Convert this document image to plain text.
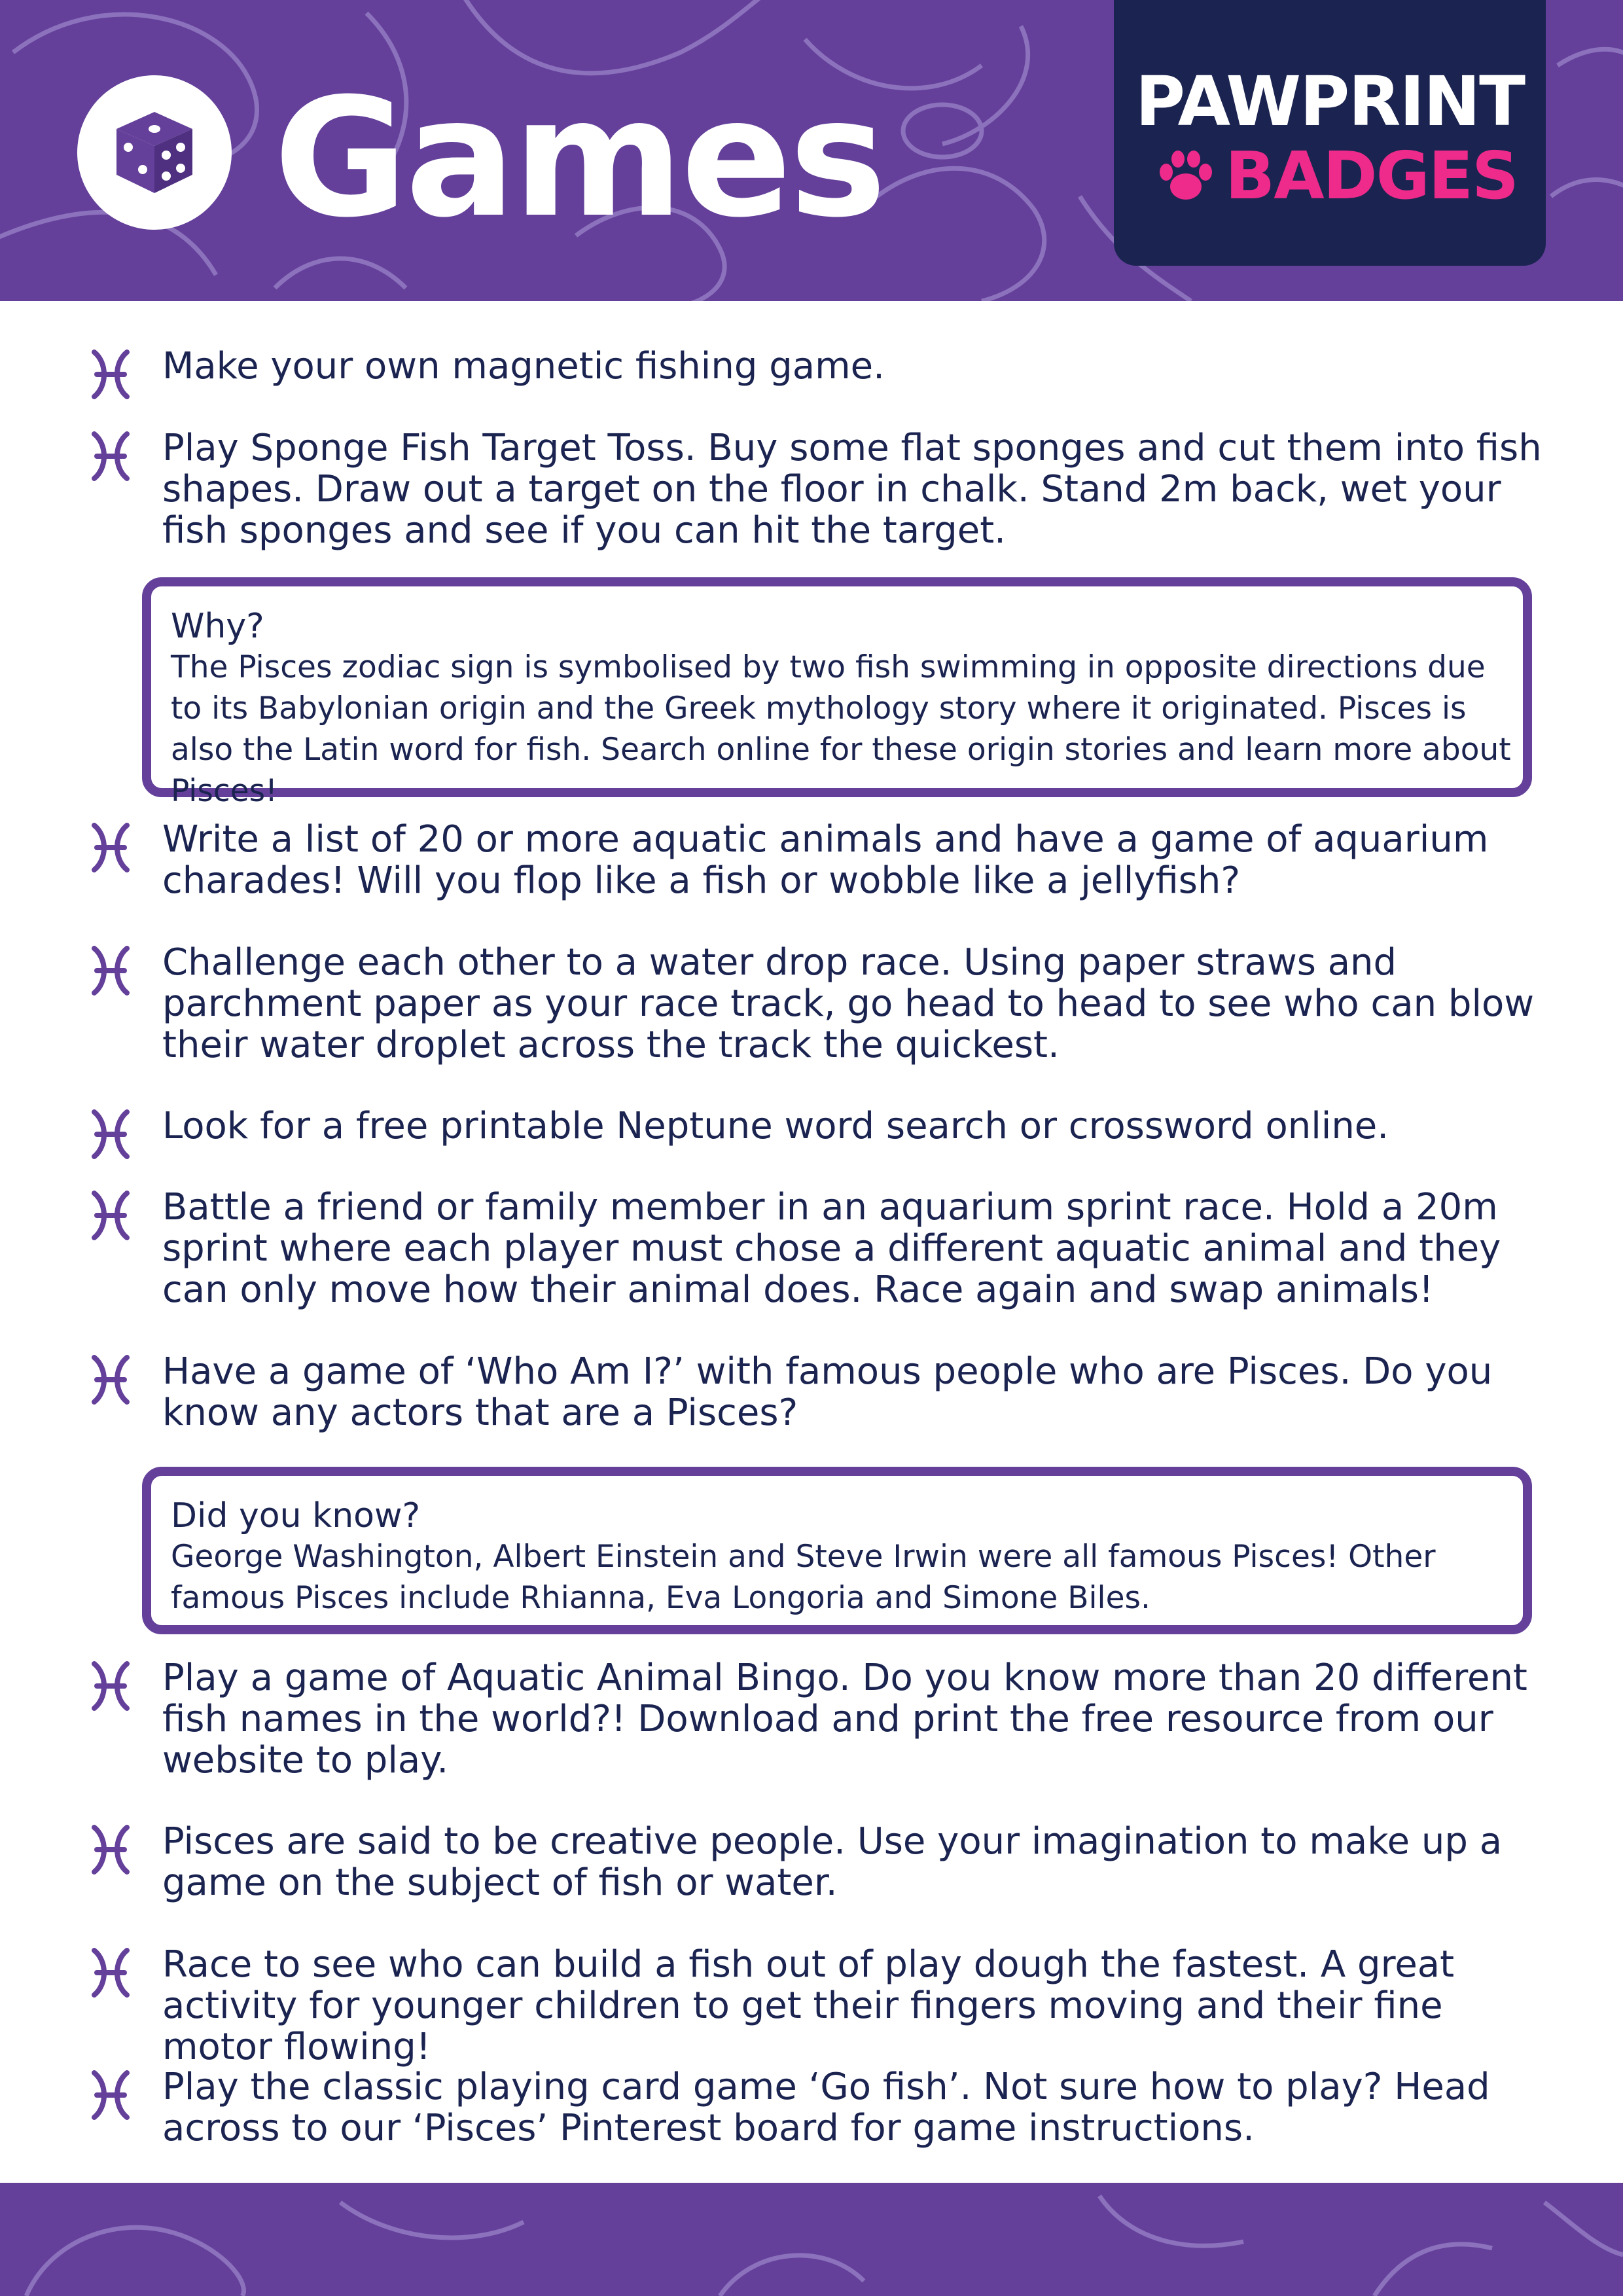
Games	PAWPRINT
BADGES

Make your own magnetic fishing game.

Play Sponge Fish Target Toss. Buy some flat sponges and cut them into fish shapes. Draw out a target on the floor in chalk. Stand 2m back, wet your fish sponges and see if you can hit the target.

Why?
The Pisces zodiac sign is symbolised by two fish swimming in opposite directions due to its Babylonian origin and the Greek mythology story where it originated. Pisces is also the Latin word for fish. Search online for these origin stories and learn more about Pisces!

Write a list of 20 or more aquatic animals and have a game of aquarium charades! Will you flop like a fish or wobble like a jellyfish?

Challenge each other to a water drop race. Using paper straws and parchment paper as your race track, go head to head to see who can blow their water droplet across the track the quickest.

Look for a free printable Neptune word search or crossword online.

Battle a friend or family member in an aquarium sprint race. Hold a 20m sprint where each player must chose a different aquatic animal and they can only move how their animal does. Race again and swap animals!

Have a game of ‘Who Am I?’ with famous people who are Pisces. Do you know any actors that are a Pisces?

Did you know?
George Washington, Albert Einstein and Steve Irwin were all famous Pisces! Other famous Pisces include Rhianna, Eva Longoria and Simone Biles.

Play a game of Aquatic Animal Bingo. Do you know more than 20 different fish names in the world?! Download and print the free resource from our website to play.

Pisces are said to be creative people. Use your imagination to make up a game on the subject of fish or water.

Race to see who can build a fish out of play dough the fastest. A great activity for younger children to get their fingers moving and their fine motor flowing!

Play the classic playing card game ‘Go fish’. Not sure how to play? Head across to our ‘Pisces’ Pinterest board for game instructions.
